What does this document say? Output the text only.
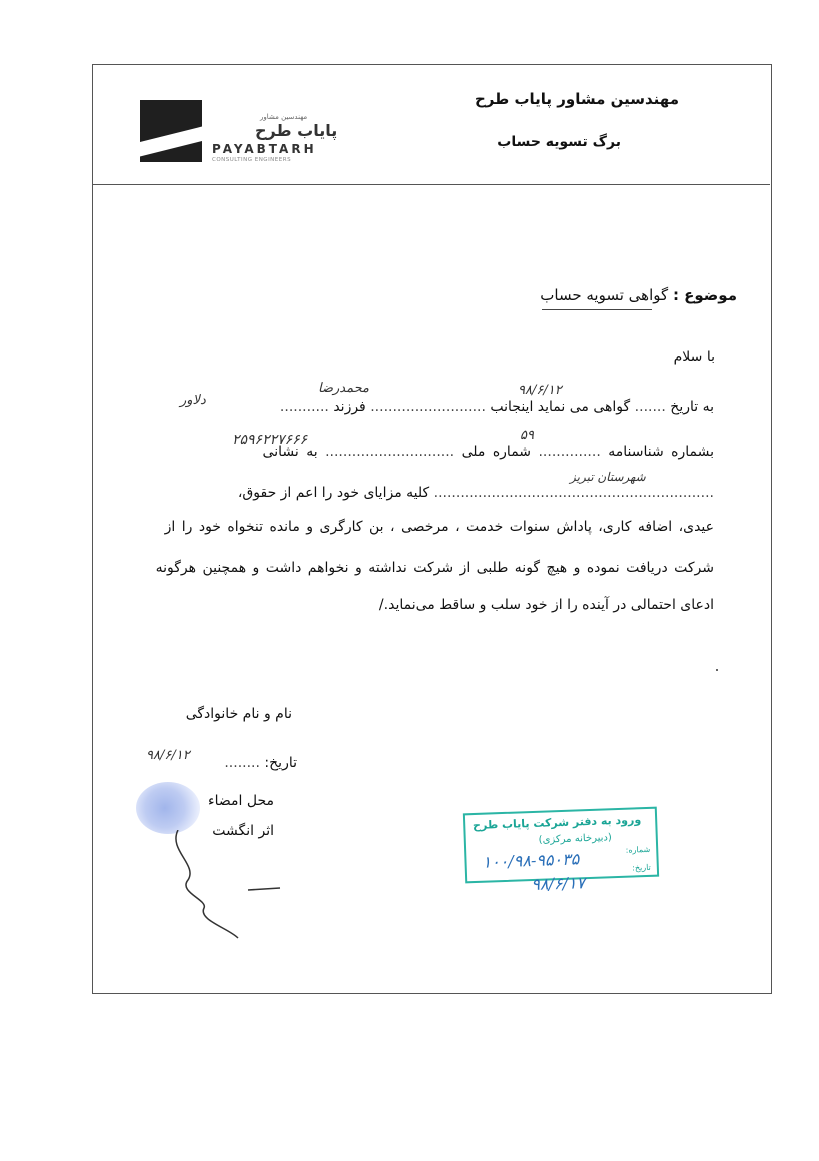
مهندسین مشاور
پایاب طرح
PAYABTARH
CONSULTING ENGINEERS
مهندسین مشاور پایاب طرح
برگ تسویه حساب
موضوع : گواهی تسویه حساب
با سلام
به تاریخ ....... گواهی می نماید اینجانب .......................... فرزند ...........
بشماره شناسنامه .............. شماره ملی ............................. به نشانی
............................................................... کلیه مزایای خود را اعم از حقوق،
عیدی، اضافه کاری، پاداش سنوات خدمت ، مرخصی ، بن کارگری و مانده تنخواه خود را از
شرکت دریافت نموده و هیچ گونه طلبی از شرکت نداشته و نخواهم داشت و همچنین هرگونه
ادعای احتمالی در آینده را از خود سلب و ساقط می‌نماید./
۹۸/۶/۱۲
محمدرضا
دلاور
۵۹
۲۵۹۶۲۲۷۶۶۶
شهرستان تبریز
نام و نام خانوادگی
تاریخ: ........
۹۸/۶/۱۲
محل امضاء
اثر انگشت	ورود به دفتر شرکت پایاب طرح
(دبیرخانه مرکزی)
شماره:
تاریخ:
۱۰۰/۹۸-۹۵۰۳۵
۹۸/۶/۱۷
